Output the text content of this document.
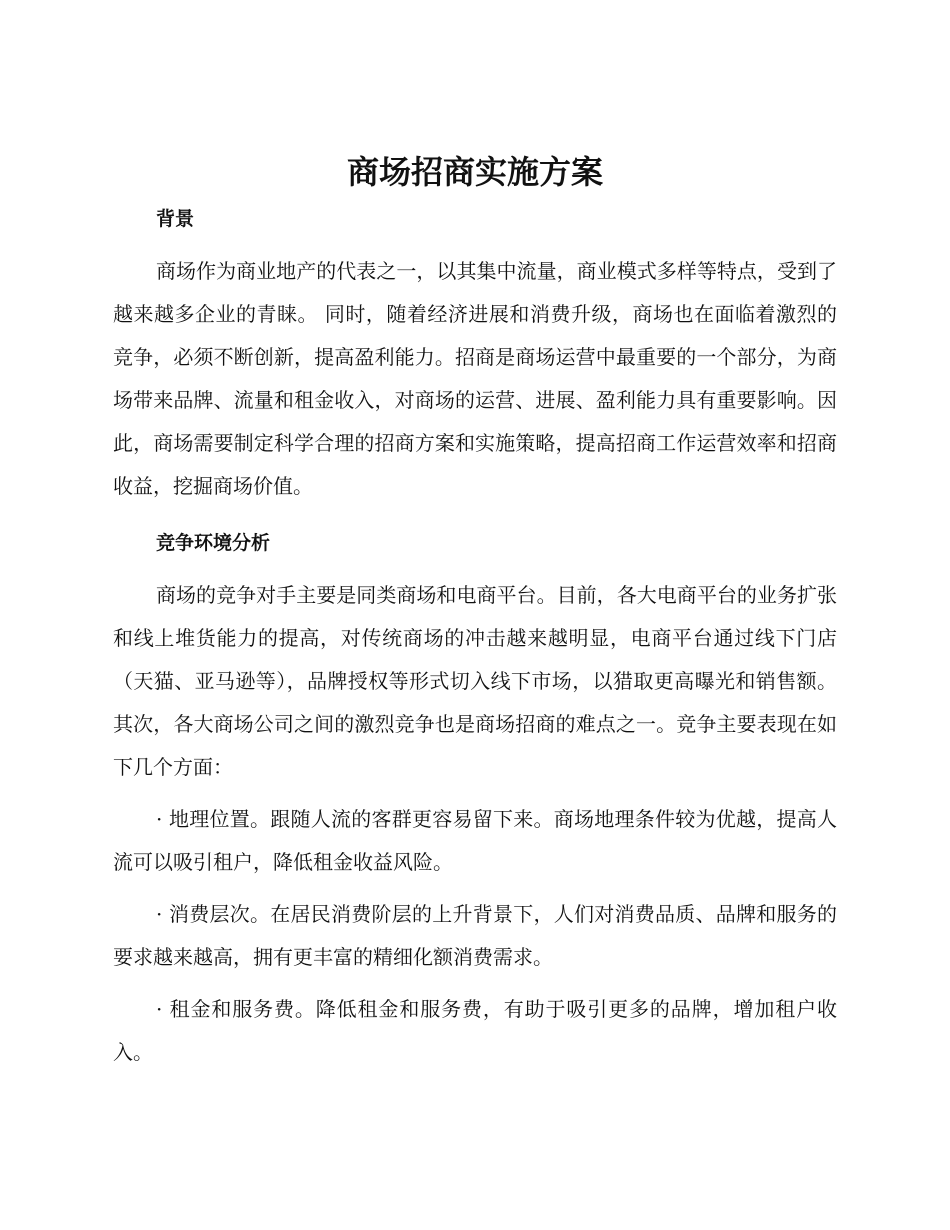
商场招商实施方案
背景

商场作为商业地产的代表之一，以其集中流量，商业模式多样等特点，受到了越来越多企业的青睐。 同时，随着经济进展和消费升级，商场也在面临着激烈的竞争，必须不断创新，提高盈利能力。招商是商场运营中最重要的一个部分，为商场带来品牌、流量和租金收入，对商场的运营、进展、盈利能力具有重要影响。因此，商场需要制定科学合理的招商方案和实施策略，提高招商工作运营效率和招商收益，挖掘商场价值。

竞争环境分析

商场的竞争对手主要是同类商场和电商平台。目前，各大电商平台的业务扩张和线上堆货能力的提高，对传统商场的冲击越来越明显，电商平台通过线下门店（天猫、亚马逊等），品牌授权等形式切入线下市场，以猎取更高曝光和销售额。其次，各大商场公司之间的激烈竞争也是商场招商的难点之一。竞争主要表现在如下几个方面：

· 地理位置。跟随人流的客群更容易留下来。商场地理条件较为优越，提高人流可以吸引租户，降低租金收益风险。

· 消费层次。在居民消费阶层的上升背景下，人们对消费品质、品牌和服务的要求越来越高，拥有更丰富的精细化额消费需求。

· 租金和服务费。降低租金和服务费，有助于吸引更多的品牌，增加租户收入。
